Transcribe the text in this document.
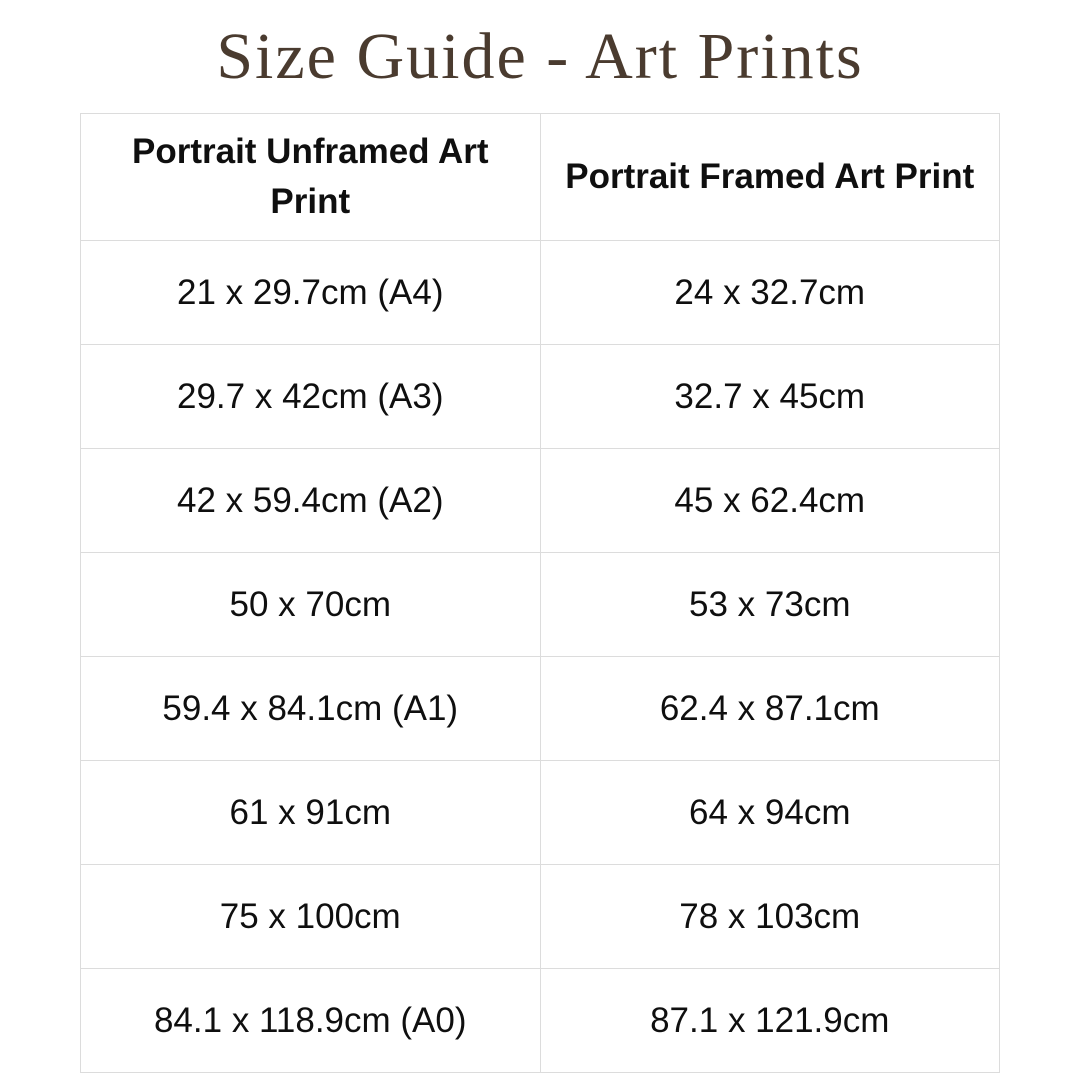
Size Guide - Art Prints
Portrait Unframed Art Print	Portrait Framed Art Print
21 x 29.7cm (A4)	24 x 32.7cm
29.7 x 42cm (A3)	32.7 x 45cm
42 x 59.4cm (A2)	45 x 62.4cm
50 x 70cm	53 x 73cm
59.4 x 84.1cm (A1)	62.4 x 87.1cm
61 x 91cm	64 x 94cm
75 x 100cm	78 x 103cm
84.1 x 118.9cm (A0)	87.1 x 121.9cm
